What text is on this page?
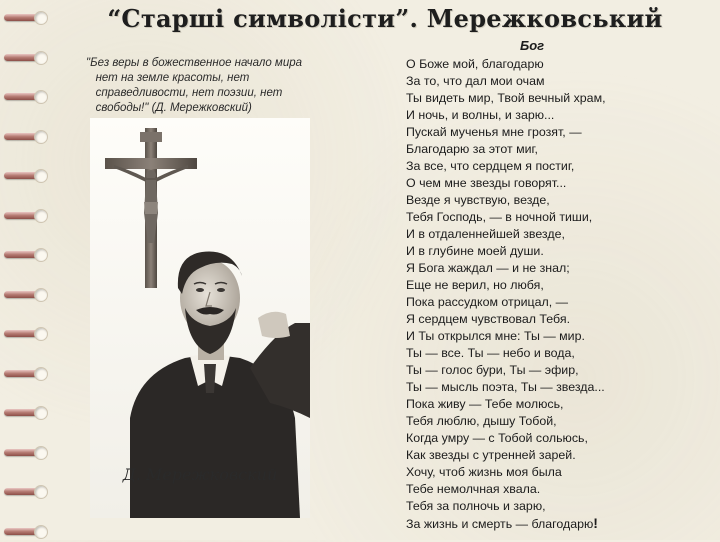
“Старші символісти”. Мережковський
"Без веры в божественное начало мира
нет на земле красоты, нет
справедливости, нет поэзии, нет
свободы!" (Д. Мережковский)
Д. Мережковский
Бог
О Боже мой, благодарю
За то, что дал мои очам
Ты видеть мир, Твой вечный храм,
И ночь, и волны, и зарю...
Пускай мученья мне грозят, —
Благодарю за этот миг,
За все, что сердцем я постиг,
О чем мне звезды говорят...
Везде я чувствую, везде,
Тебя Господь, — в ночной тиши,
И в отдаленнейшей звезде,
И в глубине моей души.
Я Бога жаждал — и не знал;
Еще не верил, но любя,
Пока рассудком отрицал, —
Я сердцем чувствовал Тебя.
И Ты открылся мне: Ты — мир.
Ты — все. Ты — небо и вода,
Ты — голос бури, Ты — эфир,
Ты — мысль поэта, Ты — звезда...
Пока живу — Тебе молюсь,
Тебя люблю, дышу Тобой,
Когда умру — с Тобой сольюсь,
Как звезды с утренней зарей.
Хочу, чтоб жизнь моя была
Тебе немолчная хвала.
Тебя за полночь и зарю,
За жизнь и смерть — благодарю !
